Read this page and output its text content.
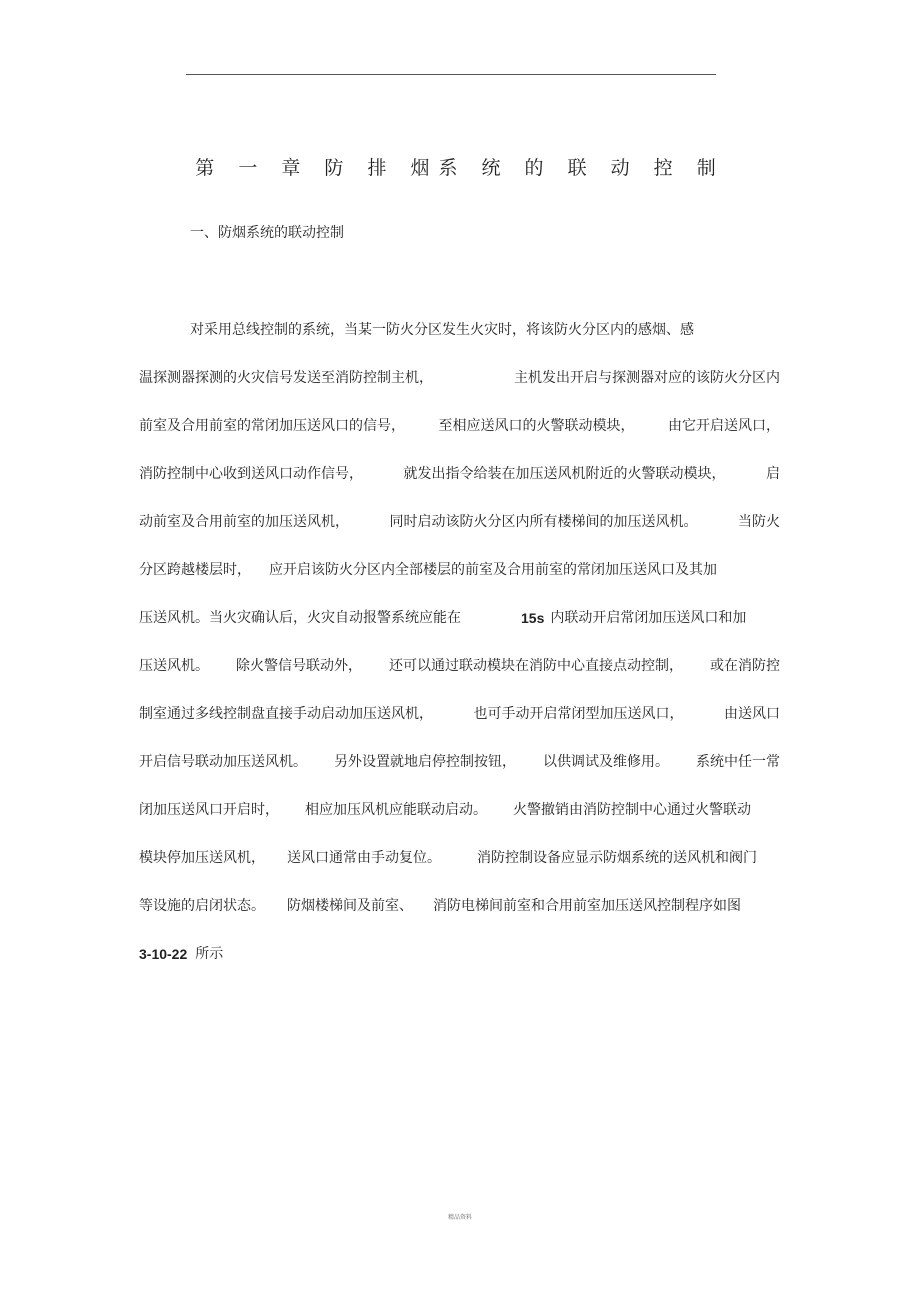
第 一 章 防 排 烟系 统 的 联 动 控 制
一、防烟系统的联动控制
对采用总线控制的系统，当某一防火分区发生火灾时，将该防火分区内的感烟、感
温探测器探测的火灾信号发送至消防控制主机，	主机发出开启与探测器对应的该防火分区内
前室及合用前室的常闭加压送风口的信号， 至相应送风口的火警联动模块， 由它开启送风口，
消防控制中心收到送风口动作信号，	就发出指令给装在加压送风机附近的火警联动模块，	启
动前室及合用前室的加压送风机，	同时启动该防火分区内所有楼梯间的加压送风机。	当防火
分区跨越楼层时， 应开启该防火分区内全部楼层的前室及合用前室的常闭加压送风口及其加
压送风机。当火灾确认后，火灾自动报警系统应能在	15s 内联动开启常闭加压送风口和加
压送风机。 除火警信号联动外， 还可以通过联动模块在消防中心直接点动控制， 或在消防控
制室通过多线控制盘直接手动启动加压送风机，	也可手动开启常闭型加压送风口，	由送风口
开启信号联动加压送风机。 另外设置就地启停控制按钮， 以供调试及维修用。 系统中任一常
闭加压送风口开启时， 相应加压风机应能联动启动。 火警撤销由消防控制中心通过火警联动
模块停加压送风机， 送风口通常由手动复位。	消防控制设备应显示防烟系统的送风机和阀门
等设施的启闭状态。 防烟楼梯间及前室、 消防电梯间前室和合用前室加压送风控制程序如图
3-10-22 所示
精品资料
